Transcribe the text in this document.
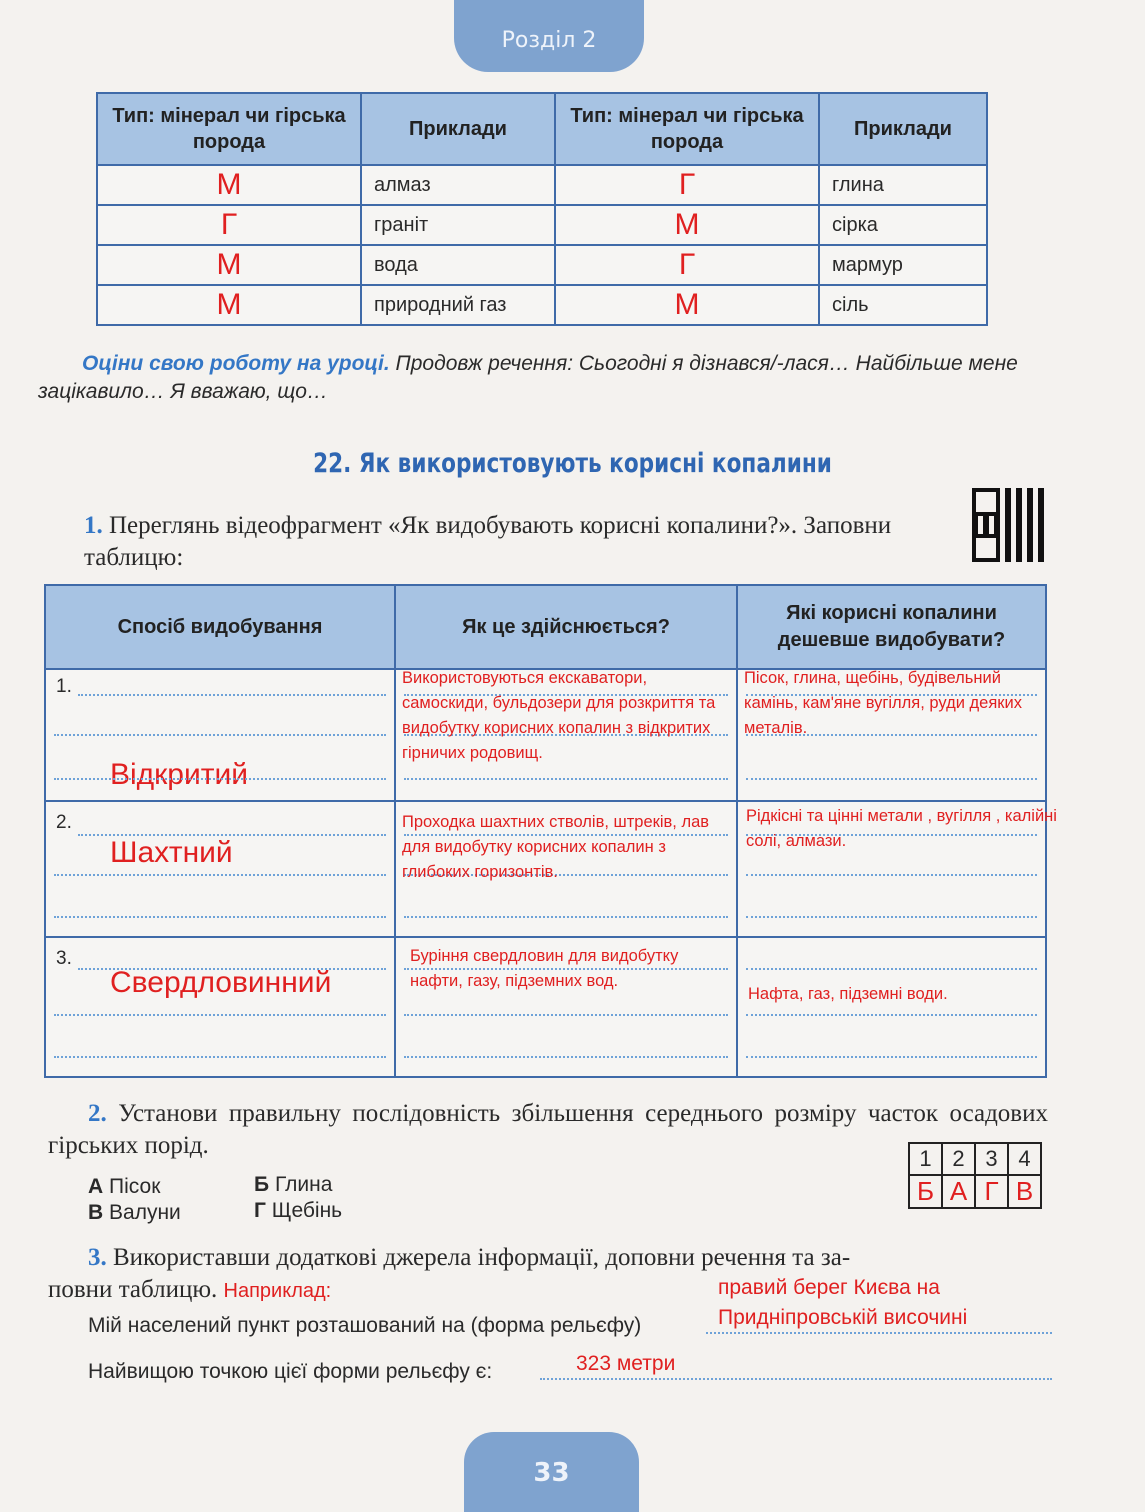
Розділ 2
Тип: мінерал чи гірська порода	Приклади	Тип: мінерал чи гірська порода	Приклади
М	алмаз	Г	глина
Г	граніт	М	сірка
М	вода	Г	мармур
М	природний газ	М	сіль
Оціни свою роботу на уроці. Продовж речення: Сьогодні я дізнався/-лася… Найбільше мене зацікавило… Я вважаю, що…
22. Як використовують корисні копалини
1. Переглянь відеофрагмент «Як видобувають корисні копалини?». Заповни таблицю:
Спосіб видобування	Як це здійснюється?	Які корисні копалини дешевше видобувати?

1.
Відкритий	Використовуються екскаватори, самоскиди, бульдозери для розкриття та видобутку корисних копалин з відкритих гірничих родовищ.	Пісок, глина, щебінь, будівельний камінь, кам'яне вугілля, руди деяких металів.

2.
Шахтний	Проходка шахтних стволів, штреків, лав для видобутку корисних копалин з глибоких горизонтів.	Рідкісні та цінні метали , вугілля , калійні солі, алмази.

3.
Свердловинний	Буріння свердловин для видобутку нафти, газу, підземних вод.	Нафта, газ, підземні води.
2. Установи правильну послідовність збільшення середнього розміру часток осадових гірських порід.
А Пісок	Б Глина
В Валуни	Г Щебінь
1	2	3	4
Б	А	Г	В
3. Використавши додаткові джерела інформації, доповни речення та за-
повни таблицю. Наприклад:	правий берег Києва на
Мій населений пункт розташований на (форма рельєфу)	Придніпровській височині
Найвищою точкою цієї форми рельєфу є:	323 метри
33
